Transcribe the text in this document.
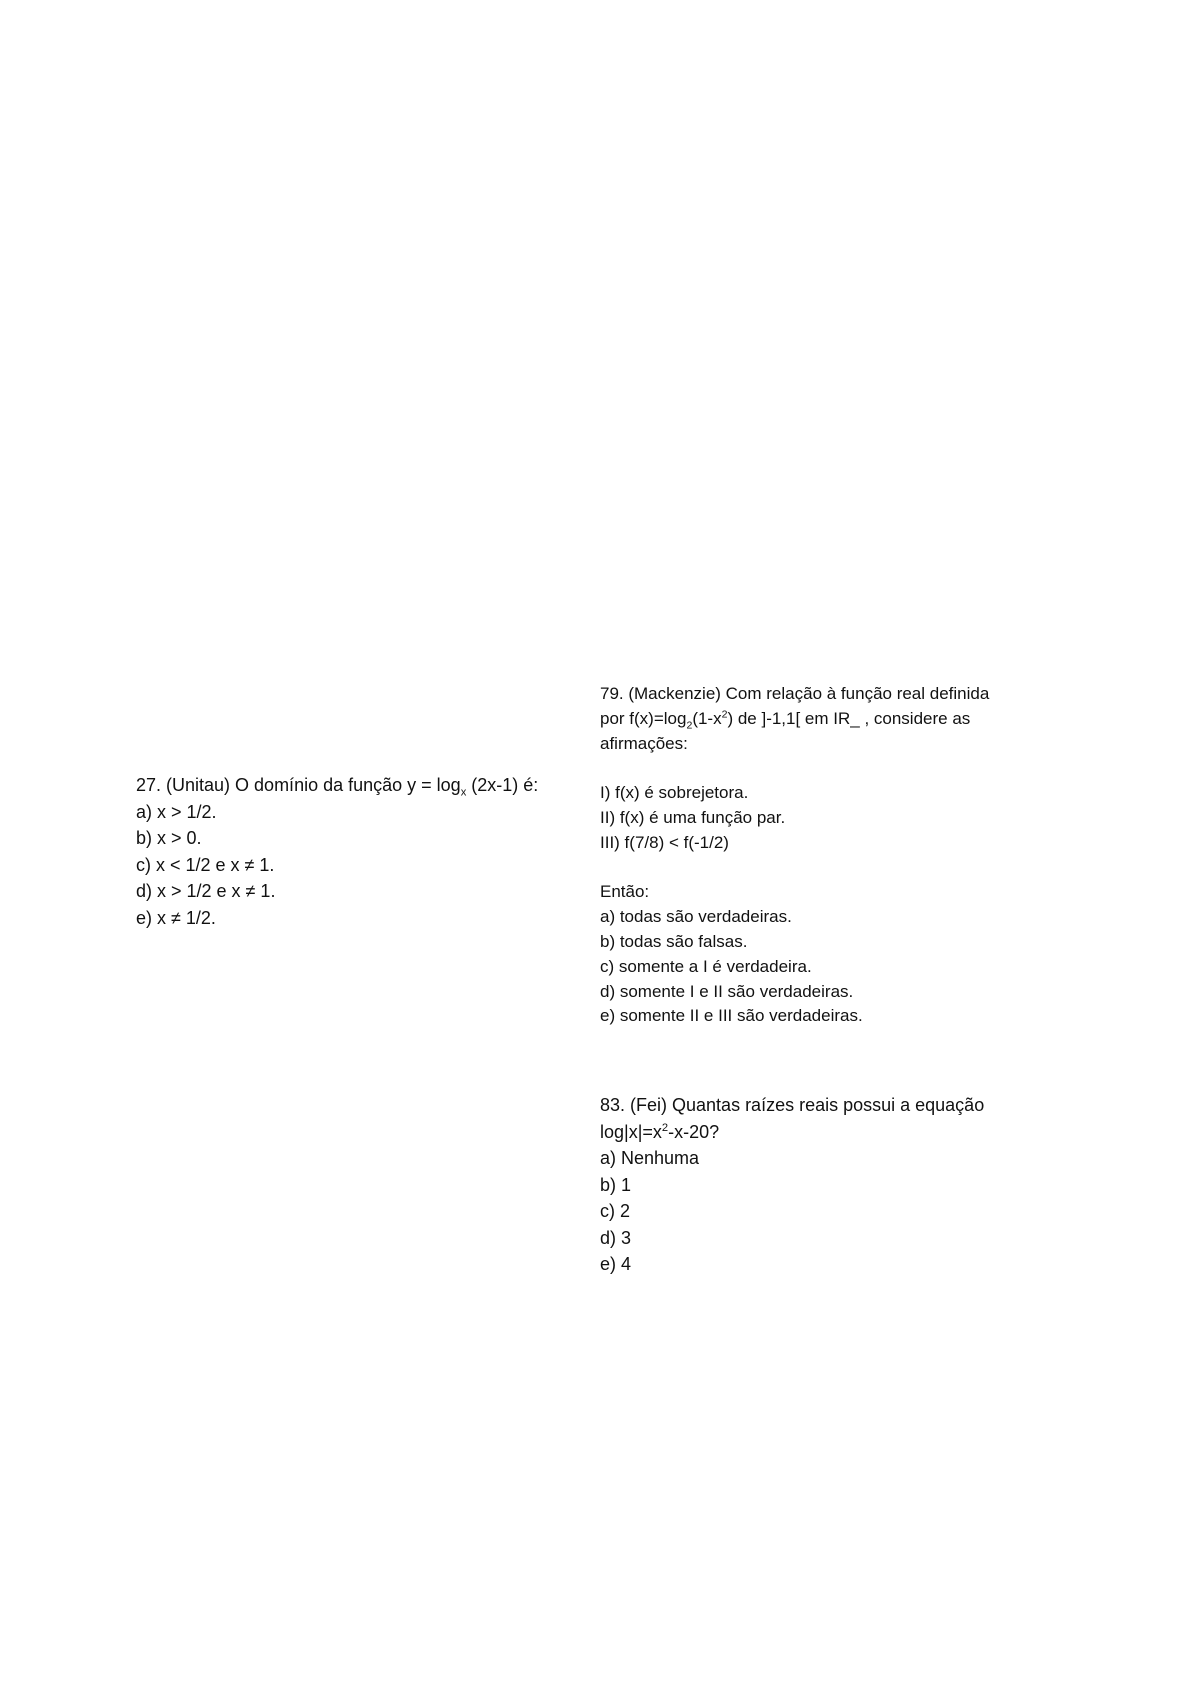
27. (Unitau) O domínio da função $y = \log_x (2x-1)$ é:
a) x > 1/2.
b) x > 0.
c) x < 1/2 e x ≠ 1.
d) x > 1/2 e x ≠ 1.
e) x ≠ 1/2.
79. (Mackenzie) Com relação à função real definida
por $f(x)=\log_2(1-x^2)$ de ]-1,1[ em IR_ , considere as
afirmações:
I) f(x) é sobrejetora.
II) f(x) é uma função par.
III) f(7/8) < f(-1/2)
Então:
a) todas são verdadeiras.
b) todas são falsas.
c) somente a I é verdadeira.
d) somente I e II são verdadeiras.
e) somente II e III são verdadeiras.
83. (Fei) Quantas raízes reais possui a equação
$\log|x|=x^2-x-20$?
a) Nenhuma
b) 1
c) 2
d) 3
e) 4
